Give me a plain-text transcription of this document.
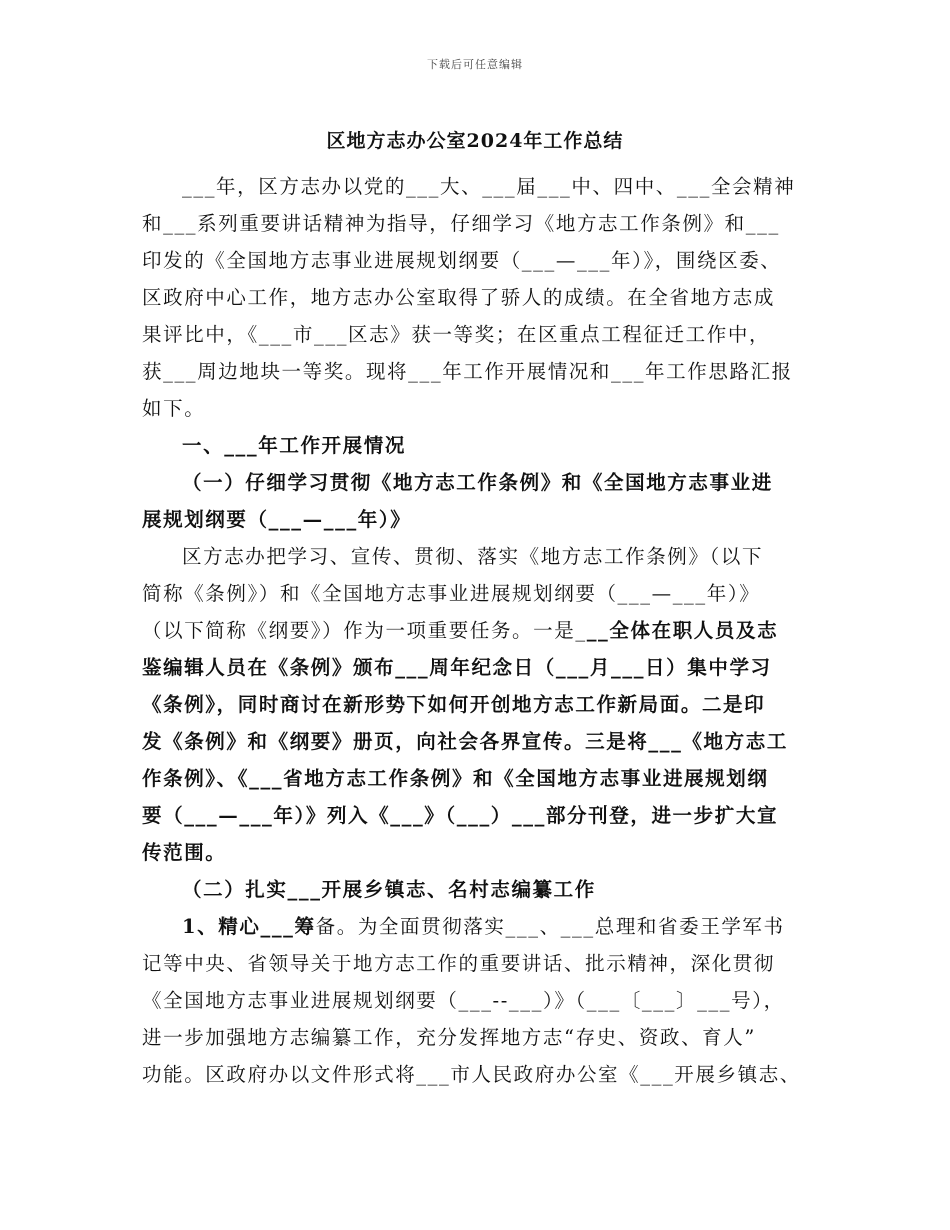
下载后可任意编辑
区地方志办公室2024年工作总结
___年，区方志办以党的___大、___届___中、四中、___全会精神
和___系列重要讲话精神为指导，仔细学习《地方志工作条例》和___
印发的《全国地方志事业进展规划纲要（___—___年）》，围绕区委、
区政府中心工作，地方志办公室取得了骄人的成绩。在全省地方志成
果评比中，《___市___区志》获一等奖；在区重点工程征迁工作中，
获___周边地块一等奖。现将___年工作开展情况和___年工作思路汇报
如下。
一、___年工作开展情况
（一）仔细学习贯彻《地方志工作条例》和《全国地方志事业进
展规划纲要（___—___年）》
区方志办把学习、宣传、贯彻、落实《地方志工作条例》（以下
简称《条例》）和《全国地方志事业进展规划纲要（___—___年）》
（以下简称《纲要》）作为一项重要任务。一是___全体在职人员及志
鉴编辑人员在《条例》颁布___周年纪念日（___月___日）集中学习
《条例》，同时商讨在新形势下如何开创地方志工作新局面。二是印
发《条例》和《纲要》册页，向社会各界宣传。三是将___《地方志工
作条例》、《___省地方志工作条例》和《全国地方志事业进展规划纲
要（___—___年）》列入《___》（___）___部分刊登，进一步扩大宣
传范围。
（二）扎实___开展乡镇志、名村志编纂工作
1、精心___筹备。为全面贯彻落实___、___总理和省委王学军书
记等中央、省领导关于地方志工作的重要讲话、批示精神，深化贯彻
《全国地方志事业进展规划纲要（___--___）》（___〔___〕___号），
进一步加强地方志编纂工作，充分发挥地方志“存史、资政、育人”
功能。区政府办以文件形式将___市人民政府办公室《___开展乡镇志、
